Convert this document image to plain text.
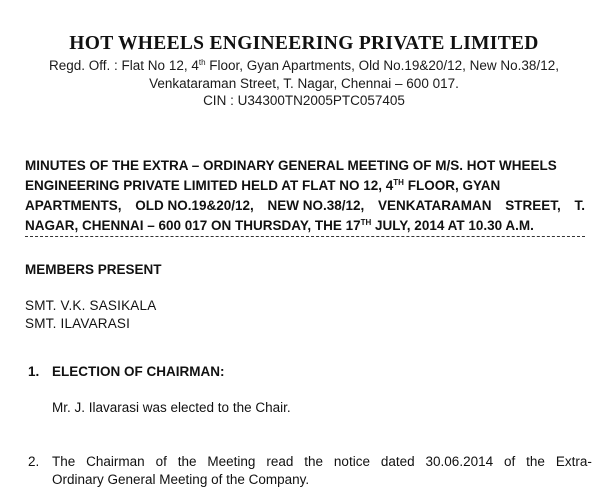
HOT WHEELS ENGINEERING PRIVATE LIMITED
Regd. Off. : Flat No 12, 4th Floor, Gyan Apartments, Old No.19&20/12, New No.38/12,
Venkataraman Street, T. Nagar, Chennai – 600 017.
CIN : U34300TN2005PTC057405
MINUTES OF THE EXTRA – ORDINARY GENERAL MEETING OF M/S. HOT WHEELS
ENGINEERING PRIVATE LIMITED HELD AT FLAT NO 12, 4TH FLOOR, GYAN
APARTMENTS, OLD NO.19&20/12, NEW NO.38/12, VENKATARAMAN STREET, T.
NAGAR, CHENNAI – 600 017 ON THURSDAY, THE 17TH JULY, 2014 AT 10.30 A.M.
MEMBERS PRESENT
SMT. V.K. SASIKALA
SMT. ILAVARASI
1. ELECTION OF CHAIRMAN:
Mr. J. Ilavarasi was elected to the Chair.
2. The Chairman of the Meeting read the notice dated 30.06.2014 of the Extra-
Ordinary General Meeting of the Company.
